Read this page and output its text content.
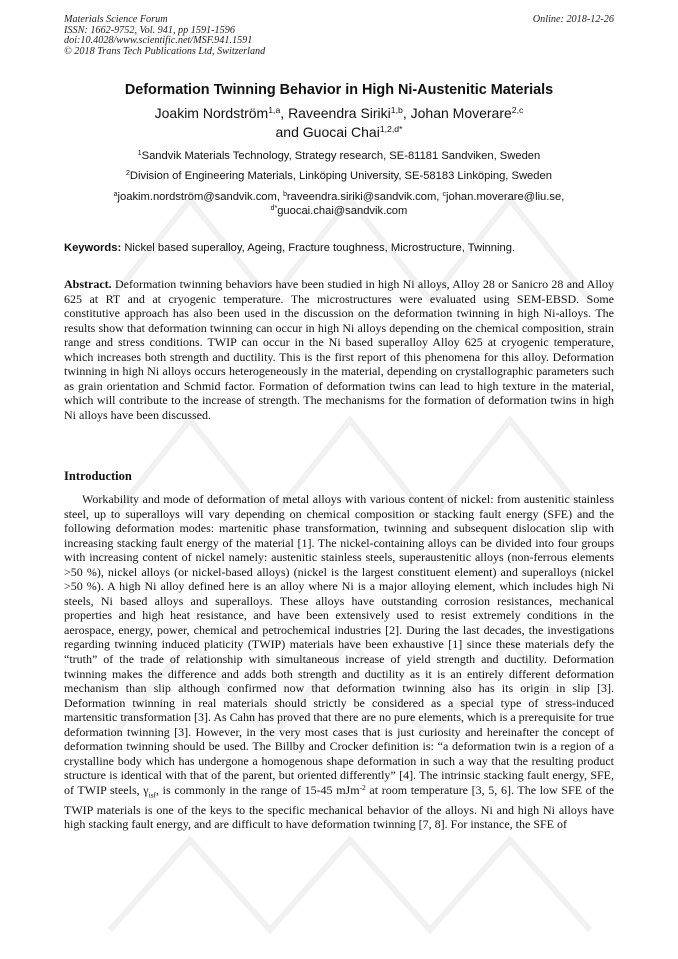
Materials Science Forum
ISSN: 1662-9752, Vol. 941, pp 1591-1596
doi:10.4028/www.scientific.net/MSF.941.1591
© 2018 Trans Tech Publications Ltd, Switzerland
Online: 2018-12-26
Deformation Twinning Behavior in High Ni-Austenitic Materials
Joakim Nordström$^{1,a}$, Raveendra Siriki$^{1,b}$, Johan Moverare$^{2,c}$
and Guocai Chai$^{1,2,d*}$
$^1$Sandvik Materials Technology, Strategy research, SE-81181 Sandviken, Sweden
$^2$Division of Engineering Materials, Linköping University, SE-58183 Linköping, Sweden
$^a$joakim.nordström@sandvik.com, $^b$raveendra.siriki@sandvik.com, $^c$johan.moverare@liu.se,
$^{d*}$guocai.chai@sandvik.com
Keywords: Nickel based superalloy, Ageing, Fracture toughness, Microstructure, Twinning.

Abstract. Deformation twinning behaviors have been studied in high Ni alloys, Alloy 28 or Sanicro 28 and Alloy 625 at RT and at cryogenic temperature. The microstructures were evaluated using SEM-EBSD. Some constitutive approach has also been used in the discussion on the deformation twinning in high Ni-alloys. The results show that deformation twinning can occur in high Ni alloys depending on the chemical composition, strain range and stress conditions. TWIP can occur in the Ni based superalloy Alloy 625 at cryogenic temperature, which increases both strength and ductility. This is the first report of this phenomena for this alloy. Deformation twinning in high Ni alloys occurs heterogeneously in the material, depending on crystallographic parameters such as grain orientation and Schmid factor. Formation of deformation twins can lead to high texture in the material, which will contribute to the increase of strength. The mechanisms for the formation of deformation twins in high Ni alloys have been discussed.

Introduction

Workability and mode of deformation of metal alloys with various content of nickel: from austenitic stainless steel, up to superalloys will vary depending on chemical composition or stacking fault energy (SFE) and the following deformation modes: martenitic phase transformation, twinning and subsequent dislocation slip with increasing stacking fault energy of the material [1]. The nickel-containing alloys can be divided into four groups with increasing content of nickel namely: austenitic stainless steels, superaustenitic alloys (non-ferrous elements >50 %), nickel alloys (or nickel-based alloys) (nickel is the largest constituent element) and superalloys (nickel >50 %). A high Ni alloy defined here is an alloy where Ni is a major alloying element, which includes high Ni steels, Ni based alloys and superalloys. These alloys have outstanding corrosion resistances, mechanical properties and high heat resistance, and have been extensively used to resist extremely conditions in the aerospace, energy, power, chemical and petrochemical industries [2]. During the last decades, the investigations regarding twinning induced platicity (TWIP) materials have been exhaustive [1] since these materials defy the “truth” of the trade of relationship with simultaneous increase of yield strength and ductility. Deformation twinning makes the difference and adds both strength and ductility as it is an entirely different deformation mechanism than slip although confirmed now that deformation twinning also has its origin in slip [3]. Deformation twinning in real materials should strictly be considered as a special type of stress-induced martensitic transformation [3]. As Cahn has proved that there are no pure elements, which is a prerequisite for true deformation twinning [3]. However, in the very most cases that is just curiosity and hereinafter the concept of deformation twinning should be used. The Billby and Crocker definition is: “a deformation twin is a region of a crystalline body which has undergone a homogenous shape deformation in such a way that the resulting product structure is identical with that of the parent, but oriented differently” [4]. The intrinsic stacking fault energy, SFE, of TWIP steels, $\gamma_{isf}$, is commonly in the range of 15-45 mJm$^{-2}$ at room temperature [3, 5, 6]. The low SFE of the TWIP materials is one of the keys to the specific mechanical behavior of the alloys. Ni and high Ni alloys have high stacking fault energy, and are difficult to have deformation twinning [7, 8]. For instance, the SFE of
